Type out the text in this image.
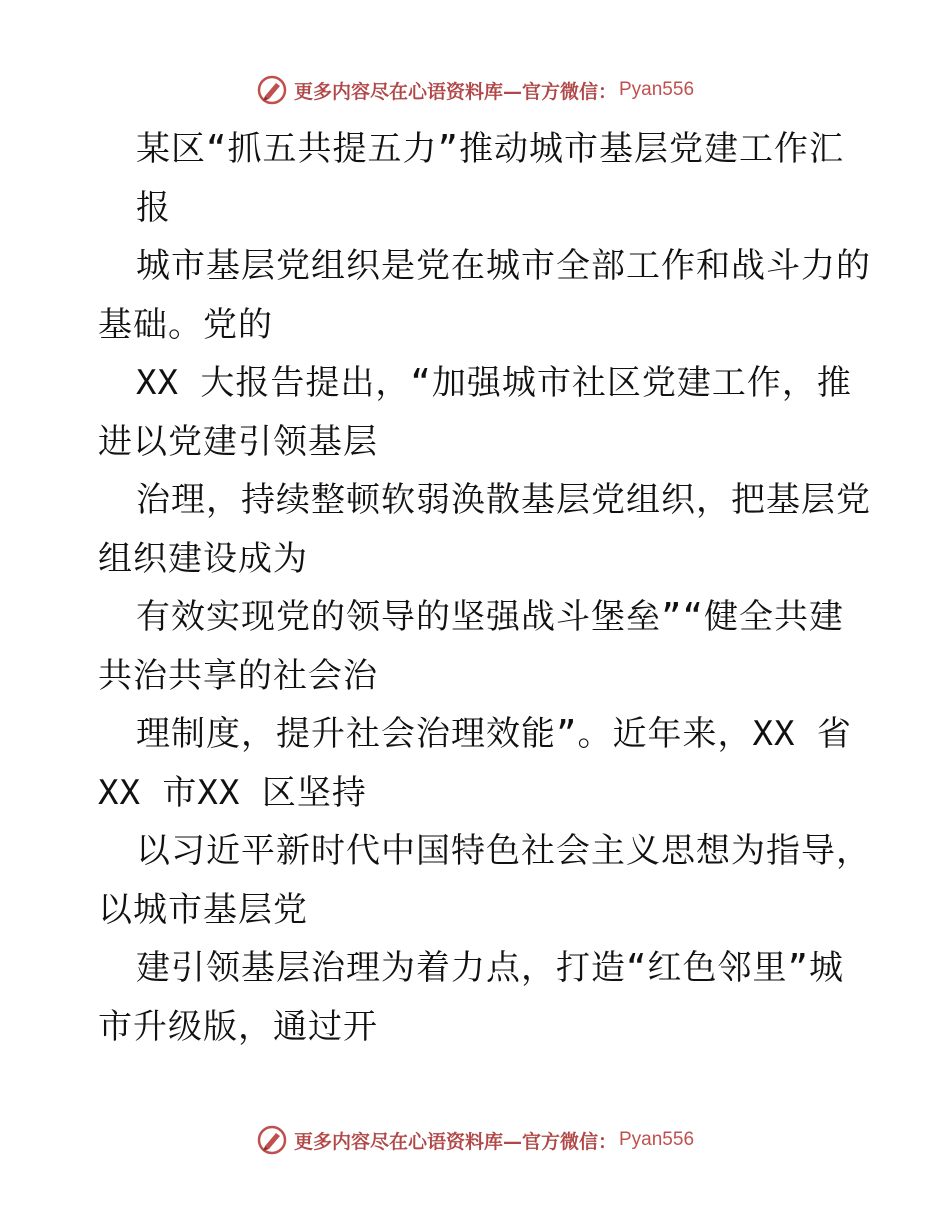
更多内容尽在心语资料库—官方微信： Pyan556
某区“抓五共提五力”推动城市基层党建工作汇
报
城市基层党组织是党在城市全部工作和战斗力的
基础。党的
XX 大报告提出，“加强城市社区党建工作，推
进以党建引领基层
治理，持续整顿软弱涣散基层党组织，把基层党
组织建设成为
有效实现党的领导的坚强战斗堡垒”“健全共建
共治共享的社会治
理制度，提升社会治理效能”。近年来，XX 省
XX 市XX 区坚持
以习近平新时代中国特色社会主义思想为指导，
以城市基层党
建引领基层治理为着力点，打造“红色邻里”城
市升级版，通过开
更多内容尽在心语资料库—官方微信： Pyan556
